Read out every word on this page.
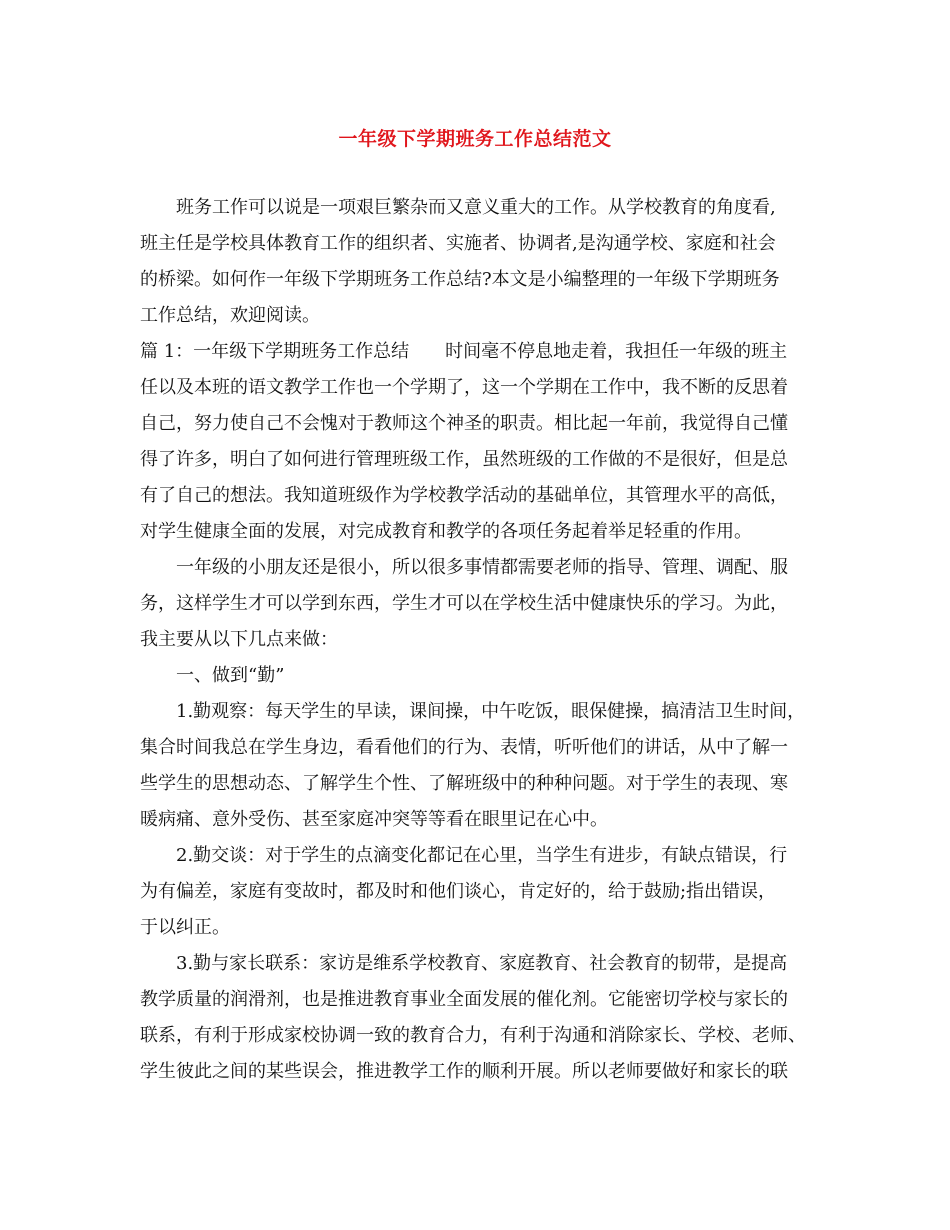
一年级下学期班务工作总结范文
　　班务工作可以说是一项艰巨繁杂而又意义重大的工作。从学校教育的角度看,
班主任是学校具体教育工作的组织者、实施者、协调者,是沟通学校、家庭和社会
的桥梁。如何作一年级下学期班务工作总结?本文是小编整理的一年级下学期班务
工作总结，欢迎阅读。
篇 1：一年级下学期班务工作总结　　时间毫不停息地走着，我担任一年级的班主
任以及本班的语文教学工作也一个学期了，这一个学期在工作中，我不断的反思着
自己，努力使自己不会愧对于教师这个神圣的职责。相比起一年前，我觉得自己懂
得了许多，明白了如何进行管理班级工作，虽然班级的工作做的不是很好，但是总
有了自己的想法。我知道班级作为学校教学活动的基础单位，其管理水平的高低，
对学生健康全面的发展，对完成教育和教学的各项任务起着举足轻重的作用。
　　一年级的小朋友还是很小，所以很多事情都需要老师的指导、管理、调配、服
务，这样学生才可以学到东西，学生才可以在学校生活中健康快乐的学习。为此，
我主要从以下几点来做：
　　一、做到“勤”
　　1.勤观察：每天学生的早读，课间操，中午吃饭，眼保健操，搞清洁卫生时间，
集合时间我总在学生身边，看看他们的行为、表情，听听他们的讲话，从中了解一
些学生的思想动态、了解学生个性、了解班级中的种种问题。对于学生的表现、寒
暖病痛、意外受伤、甚至家庭冲突等等看在眼里记在心中。
　　2.勤交谈：对于学生的点滴变化都记在心里，当学生有进步，有缺点错误，行
为有偏差，家庭有变故时，都及时和他们谈心，肯定好的，给于鼓励;指出错误，
于以纠正。
　　3.勤与家长联系：家访是维系学校教育、家庭教育、社会教育的韧带，是提高
教学质量的润滑剂，也是推进教育事业全面发展的催化剂。它能密切学校与家长的
联系，有利于形成家校协调一致的教育合力，有利于沟通和消除家长、学校、老师、
学生彼此之间的某些误会，推进教学工作的顺利开展。所以老师要做好和家长的联
